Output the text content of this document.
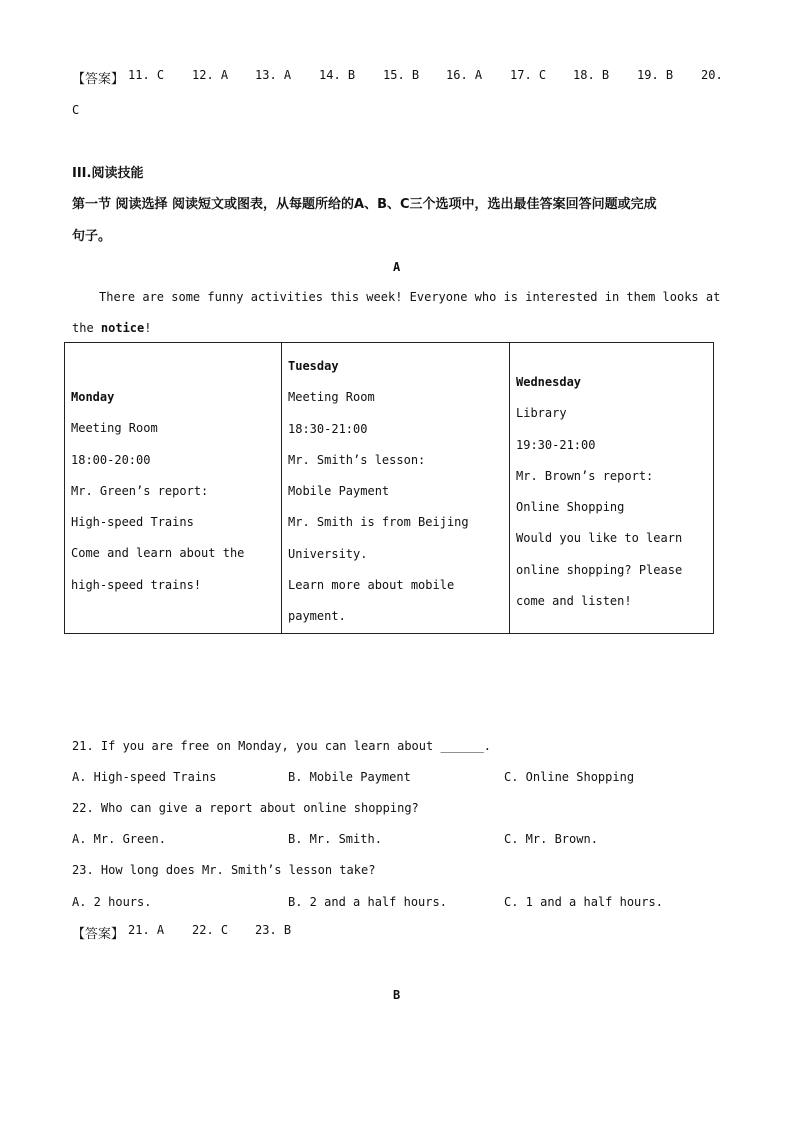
【答案】 11. C 12. A 13. A 14. B 15. B 16. A 17. C 18. B 19. B 20.
C
III.阅读技能
第一节 阅读选择 阅读短文或图表，从每题所给的A、B、C三个选项中，选出最佳答案回答问题或完成
句子。
A
There are some funny activities this week! Everyone who is interested in them looks at
the notice!
Monday
Meeting Room
18:00-20:00
Mr. Green’s report:
High-speed Trains
Come and learn about the
high-speed trains!

Tuesday
Meeting Room
18:30-21:00
Mr. Smith’s lesson:
Mobile Payment
Mr. Smith is from Beijing
University.
Learn more about mobile
payment.

Wednesday
Library
19:30-21:00
Mr. Brown’s report:
Online Shopping
Would you like to learn
online shopping? Please
come and listen!
21. If you are free on Monday, you can learn about ______.
A. High-speed Trains	B. Mobile Payment	C. Online Shopping
22. Who can give a report about online shopping?
A. Mr. Green.	B. Mr. Smith.	C. Mr. Brown.
23. How long does Mr. Smith’s lesson take?
A. 2 hours.	B. 2 and a half hours.	C. 1 and a half hours.
【答案】 21. A 22. C 23. B
B
